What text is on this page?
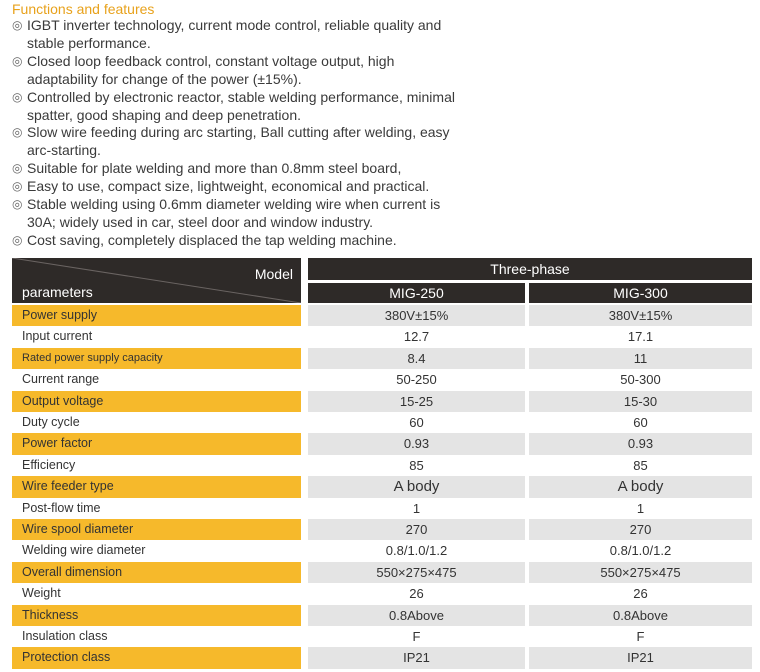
Functions and features
◎ IGBT inverter technology, current mode control, reliable quality and
stable performance.
◎ Closed loop feedback control, constant voltage output, high
adaptability for change of the power (±15%).
◎ Controlled by electronic reactor, stable welding performance, minimal
spatter, good shaping and deep penetration.
◎ Slow wire feeding during arc starting, Ball cutting after welding, easy
arc-starting.
◎ Suitable for plate welding and more than 0.8mm steel board,
◎ Easy to use, compact size, lightweight, economical and practical.
◎ Stable welding using 0.6mm diameter welding wire when current is
30A; widely used in car, steel door and window industry.
◎ Cost saving, completely displaced the tap welding machine.
Model
parameters
Three-phase
MIG-250	MIG-300
Power supply	380V±15%	380V±15%
Input current	12.7	17.1
Rated power supply capacity	8.4	11
Current range	50-250	50-300
Output voltage	15-25	15-30
Duty cycle	60	60
Power factor	0.93	0.93
Efficiency	85	85
Wire feeder type	A body	A body
Post-flow time	1	1
Wire spool diameter	270	270
Welding wire diameter	0.8/1.0/1.2	0.8/1.0/1.2
Overall dimension	550×275×475	550×275×475
Weight	26	26
Thickness	0.8Above	0.8Above
Insulation class	F	F
Protection class	IP21	IP21
